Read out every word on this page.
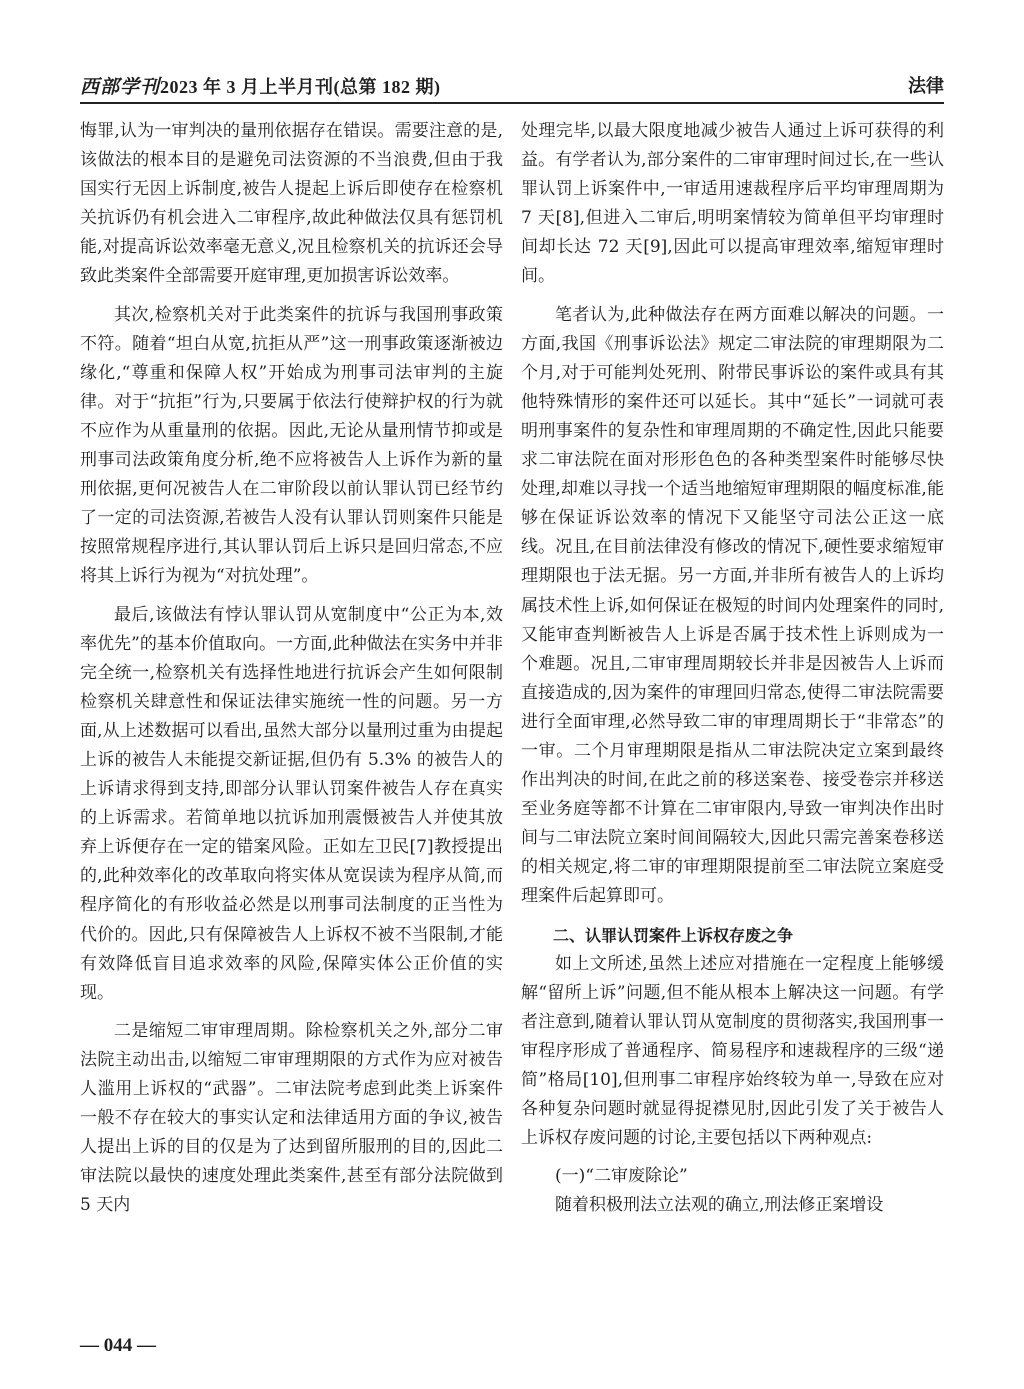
西部学刊2023 年 3 月上半月刊(总第 182 期)	法律

悔罪,认为一审判决的量刑依据存在错误。需要注意的是,该做法的根本目的是避免司法资源的不当浪费,但由于我国实行无因上诉制度,被告人提起上诉后即使存在检察机关抗诉仍有机会进入二审程序,故此种做法仅具有惩罚机能,对提高诉讼效率毫无意义,况且检察机关的抗诉还会导致此类案件全部需要开庭审理,更加损害诉讼效率。

其次,检察机关对于此类案件的抗诉与我国刑事政策不符。随着“坦白从宽,抗拒从严”这一刑事政策逐渐被边缘化,“尊重和保障人权”开始成为刑事司法审判的主旋律。对于“抗拒”行为,只要属于依法行使辩护权的行为就不应作为从重量刑的依据。因此,无论从量刑情节抑或是刑事司法政策角度分析,绝不应将被告人上诉作为新的量刑依据,更何况被告人在二审阶段以前认罪认罚已经节约了一定的司法资源,若被告人没有认罪认罚则案件只能是按照常规程序进行,其认罪认罚后上诉只是回归常态,不应将其上诉行为视为“对抗处理”。

最后,该做法有悖认罪认罚从宽制度中“公正为本,效率优先”的基本价值取向。一方面,此种做法在实务中并非完全统一,检察机关有选择性地进行抗诉会产生如何限制检察机关肆意性和保证法律实施统一性的问题。另一方面,从上述数据可以看出,虽然大部分以量刑过重为由提起上诉的被告人未能提交新证据,但仍有 5.3% 的被告人的上诉请求得到支持,即部分认罪认罚案件被告人存在真实的上诉需求。若简单地以抗诉加刑震慑被告人并使其放弃上诉便存在一定的错案风险。正如左卫民[7]教授提出的,此种效率化的改革取向将实体从宽误读为程序从简,而程序简化的有形收益必然是以刑事司法制度的正当性为代价的。因此,只有保障被告人上诉权不被不当限制,才能有效降低盲目追求效率的风险,保障实体公正价值的实现。

二是缩短二审审理周期。除检察机关之外,部分二审法院主动出击,以缩短二审审理期限的方式作为应对被告人滥用上诉权的“武器”。二审法院考虑到此类上诉案件一般不存在较大的事实认定和法律适用方面的争议,被告人提出上诉的目的仅是为了达到留所服刑的目的,因此二审法院以最快的速度处理此类案件,甚至有部分法院做到 5 天内

处理完毕,以最大限度地减少被告人通过上诉可获得的利益。有学者认为,部分案件的二审审理时间过长,在一些认罪认罚上诉案件中,一审适用速裁程序后平均审理周期为 7 天[8],但进入二审后,明明案情较为简单但平均审理时间却长达 72 天[9],因此可以提高审理效率,缩短审理时间。

笔者认为,此种做法存在两方面难以解决的问题。一方面,我国《刑事诉讼法》规定二审法院的审理期限为二个月,对于可能判处死刑、附带民事诉讼的案件或具有其他特殊情形的案件还可以延长。其中“延长”一词就可表明刑事案件的复杂性和审理周期的不确定性,因此只能要求二审法院在面对形形色色的各种类型案件时能够尽快处理,却难以寻找一个适当地缩短审理期限的幅度标准,能够在保证诉讼效率的情况下又能坚守司法公正这一底线。况且,在目前法律没有修改的情况下,硬性要求缩短审理期限也于法无据。另一方面,并非所有被告人的上诉均属技术性上诉,如何保证在极短的时间内处理案件的同时,又能审查判断被告人上诉是否属于技术性上诉则成为一个难题。况且,二审审理周期较长并非是因被告人上诉而直接造成的,因为案件的审理回归常态,使得二审法院需要进行全面审理,必然导致二审的审理周期长于“非常态”的一审。二个月审理期限是指从二审法院决定立案到最终作出判决的时间,在此之前的移送案卷、接受卷宗并移送至业务庭等都不计算在二审审限内,导致一审判决作出时间与二审法院立案时间间隔较大,因此只需完善案卷移送的相关规定,将二审的审理期限提前至二审法院立案庭受理案件后起算即可。

二、认罪认罚案件上诉权存废之争

如上文所述,虽然上述应对措施在一定程度上能够缓解“留所上诉”问题,但不能从根本上解决这一问题。有学者注意到,随着认罪认罚从宽制度的贯彻落实,我国刑事一审程序形成了普通程序、简易程序和速裁程序的三级“递简”格局[10],但刑事二审程序始终较为单一,导致在应对各种复杂问题时就显得捉襟见肘,因此引发了关于被告人上诉权存废问题的讨论,主要包括以下两种观点:

(一)“二审废除论”

随着积极刑法立法观的确立,刑法修正案增设

— 044 —
